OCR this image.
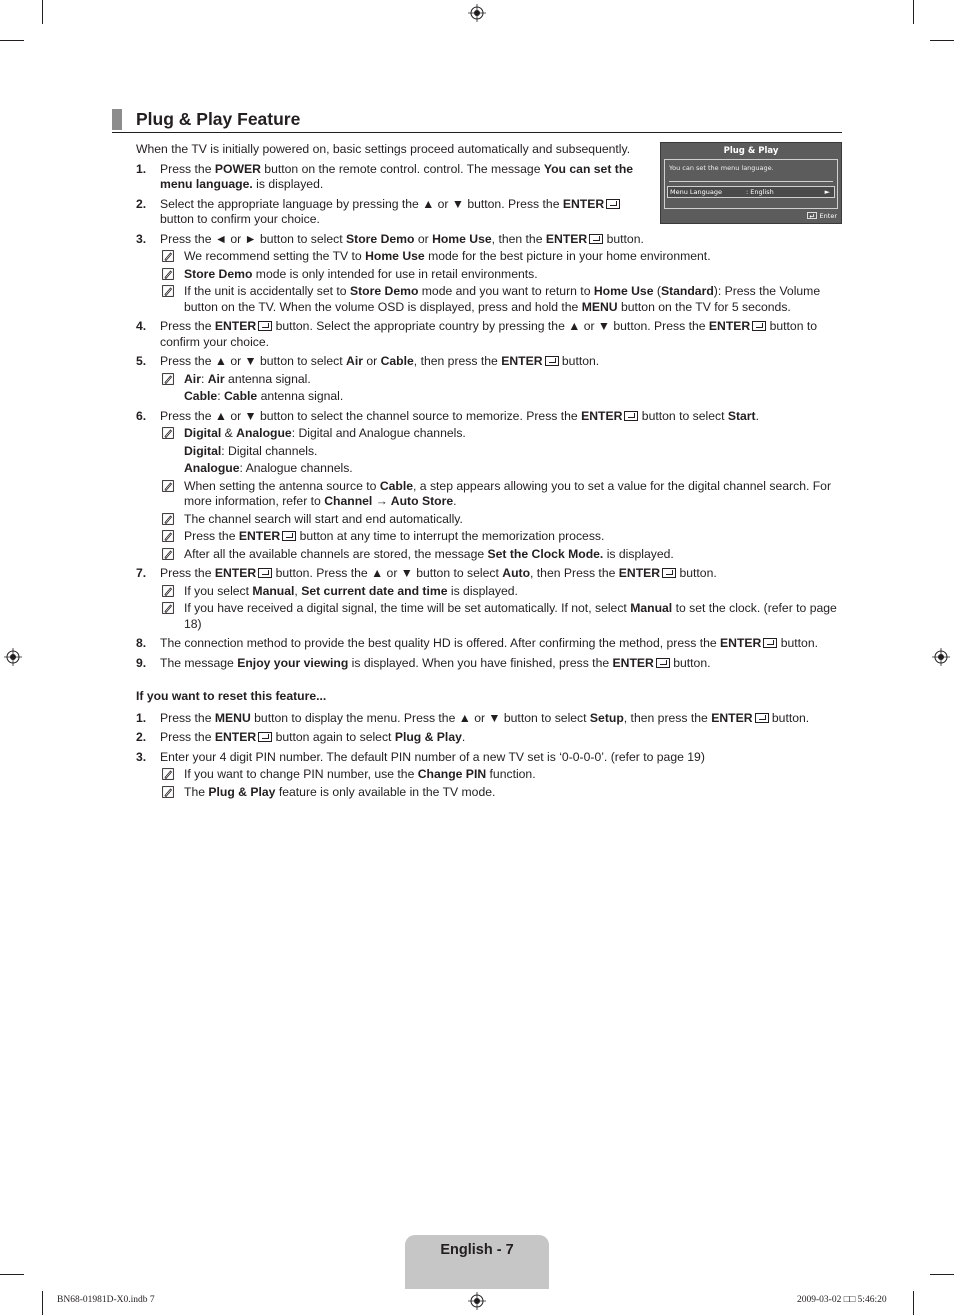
Plug & Play Feature
Plug & Play
You can set the menu language.
Menu Language	: English	►
Enter

When the TV is initially powered on, basic settings proceed automatically and subsequently.

1. Press the POWER button on the remote control. control. The message You can set the menu language. is displayed.
2. Select the appropriate language by pressing the ▲ or ▼ button. Press the ENTER button to confirm your choice.
3. Press the ◄ or ► button to select Store Demo or Home Use, then the ENTER button.
We recommend setting the TV to Home Use mode for the best picture in your home environment.
Store Demo mode is only intended for use in retail environments.
If the unit is accidentally set to Store Demo mode and you want to return to Home Use (Standard): Press the Volume button on the TV. When the volume OSD is displayed, press and hold the MENU button on the TV for 5 seconds.
4. Press the ENTER button. Select the appropriate country by pressing the ▲ or ▼ button. Press the ENTER button to confirm your choice.
5. Press the ▲ or ▼ button to select Air or Cable, then press the ENTER button.
Air: Air antenna signal.
Cable: Cable antenna signal.
6. Press the ▲ or ▼ button to select the channel source to memorize. Press the ENTER button to select Start.
Digital & Analogue: Digital and Analogue channels.
Digital: Digital channels.
Analogue: Analogue channels.
When setting the antenna source to Cable, a step appears allowing you to set a value for the digital channel search. For more information, refer to Channel → Auto Store.
The channel search will start and end automatically.
Press the ENTER button at any time to interrupt the memorization process.
After all the available channels are stored, the message Set the Clock Mode. is displayed.
7. Press the ENTER button. Press the ▲ or ▼ button to select Auto, then Press the ENTER button.
If you select Manual, Set current date and time is displayed.
If you have received a digital signal, the time will be set automatically. If not, select Manual to set the clock. (refer to page 18)
8. The connection method to provide the best quality HD is offered. After confirming the method, press the ENTER button.
9. The message Enjoy your viewing is displayed. When you have finished, press the ENTER button.
If you want to reset this feature...
1. Press the MENU button to display the menu. Press the ▲ or ▼ button to select Setup, then press the ENTER button.
2. Press the ENTER button again to select Plug & Play.
3. Enter your 4 digit PIN number. The default PIN number of a new TV set is ‘0-0-0-0’. (refer to page 19)
If you want to change PIN number, use the Change PIN function.
The Plug & Play feature is only available in the TV mode.
English - 7
BN68-01981D-X0.indb 7	2009-03-02 □□ 5:46:20
